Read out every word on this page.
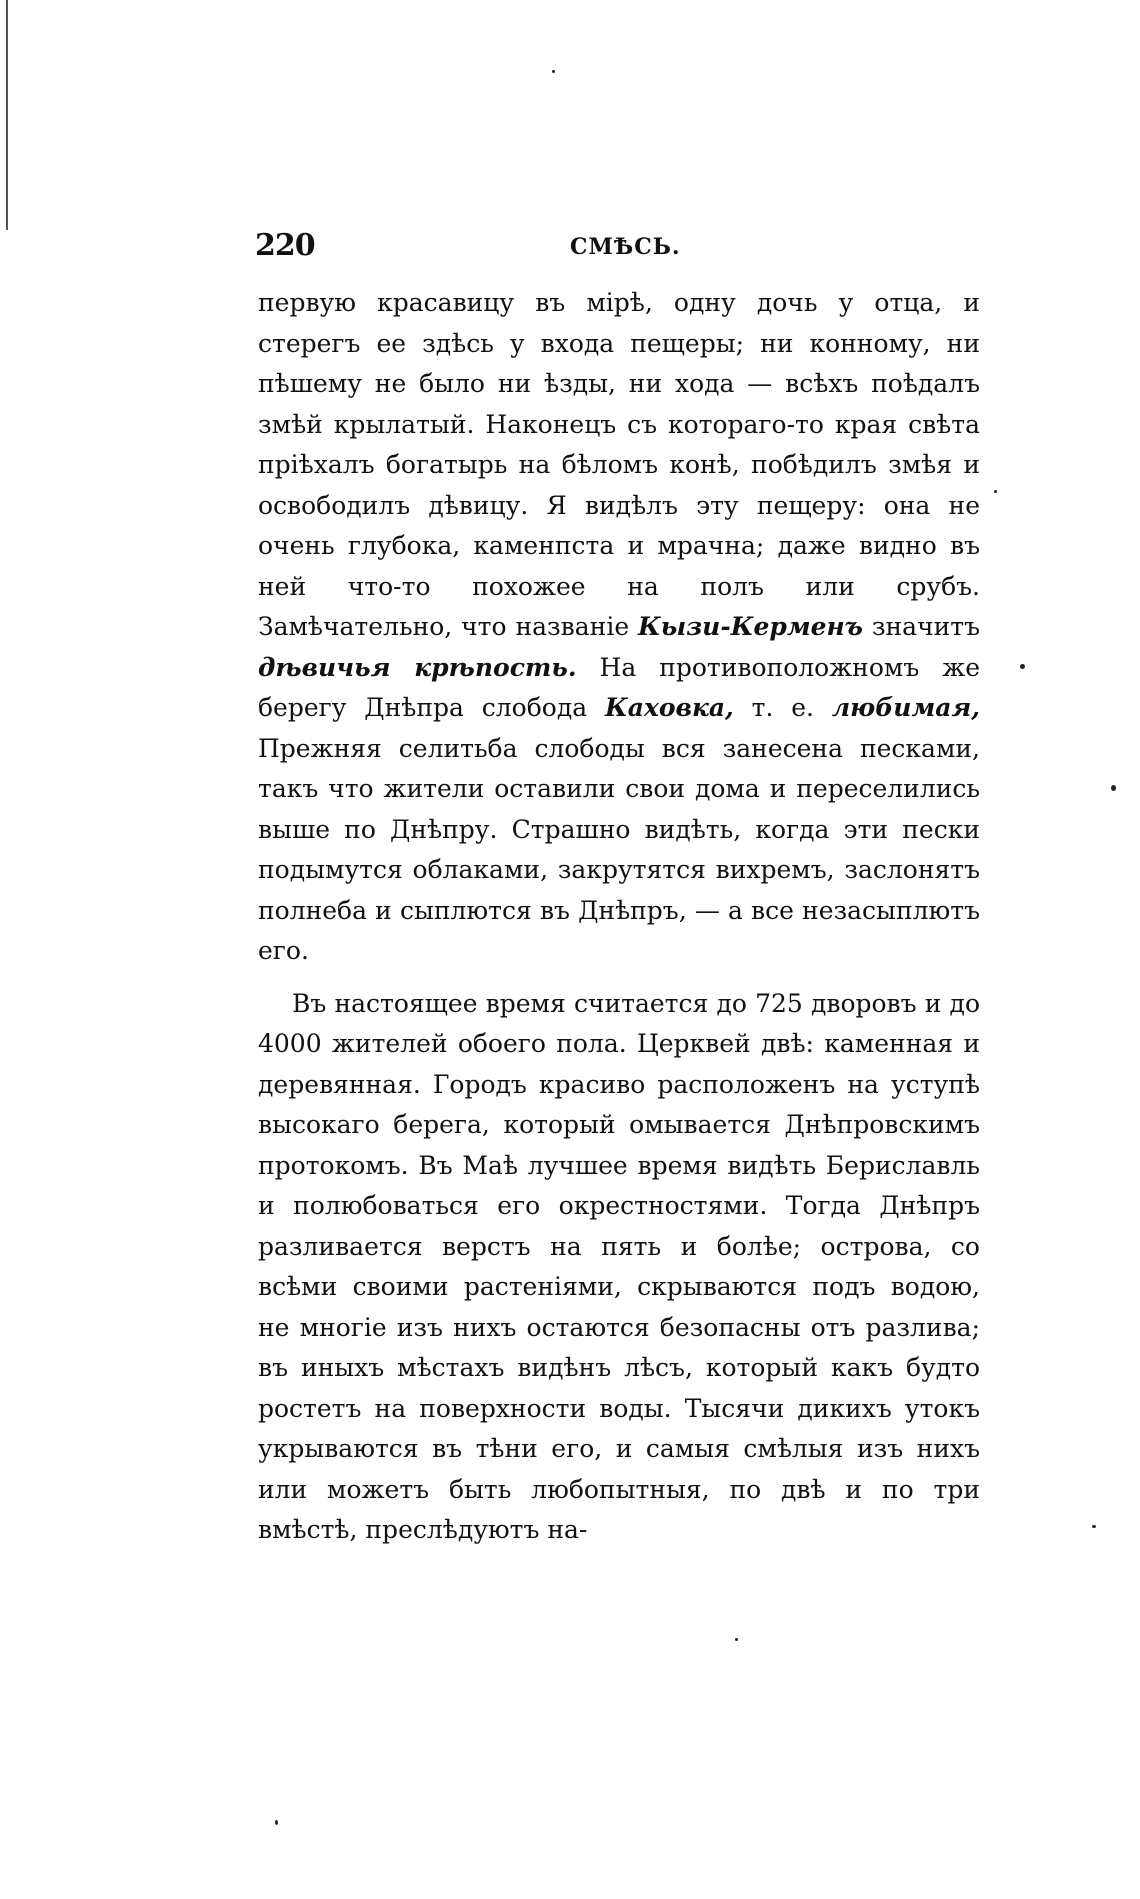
220	СМѢСЬ.

первую красавицу въ мірѣ, одну дочь у отца, и стерегъ ее здѣсь у входа пещеры; ни конному, ни пѣшему не было ни ѣзды, ни хода — всѣхъ поѣдалъ змѣй крылатый. Наконецъ съ котораго-то края свѣта пріѣхалъ богатырь на бѣломъ конѣ, побѣдилъ змѣя и освободилъ дѣвицу. Я видѣлъ эту пещеру: она не очень глубока, каменпста и мрачна; даже видно въ ней что-то похожее на полъ или срубъ. Замѣчательно, что названіе Кызи-Керменъ значитъ дѣвичья крѣпость. На противоположномъ же берегу Днѣпра слобода Каховка, т. е. любимая, Прежняя селитьба слободы вся занесена песками, такъ что жители оставили свои дома и переселились выше по Днѣпру. Страшно видѣть, когда эти пески подымутся облаками, закрутятся вихремъ, заслонятъ полнеба и сыплются въ Днѣпръ, — а все незасыплютъ его.

Въ настоящее время считается до 725 дворовъ и до 4000 жителей обоего пола. Церквей двѣ: каменная и деревянная. Городъ красиво расположенъ на уступѣ высокаго берега, который омывается Днѣпровскимъ протокомъ. Въ Маѣ лучшее время видѣть Бериславль и полюбоваться его окрестностями. Тогда Днѣпръ разливается верстъ на пять и болѣе; острова, со всѣми своими растеніями, скрываются подъ водою, не многіе изъ нихъ остаются безопасны отъ разлива; въ иныхъ мѣстахъ видѣнъ лѣсъ, который какъ будто ростетъ на поверхности воды. Тысячи дикихъ утокъ укрываются въ тѣни его, и самыя смѣлыя изъ нихъ или можетъ быть любопытныя, по двѣ и по три вмѣстѣ, преслѣдуютъ на-
